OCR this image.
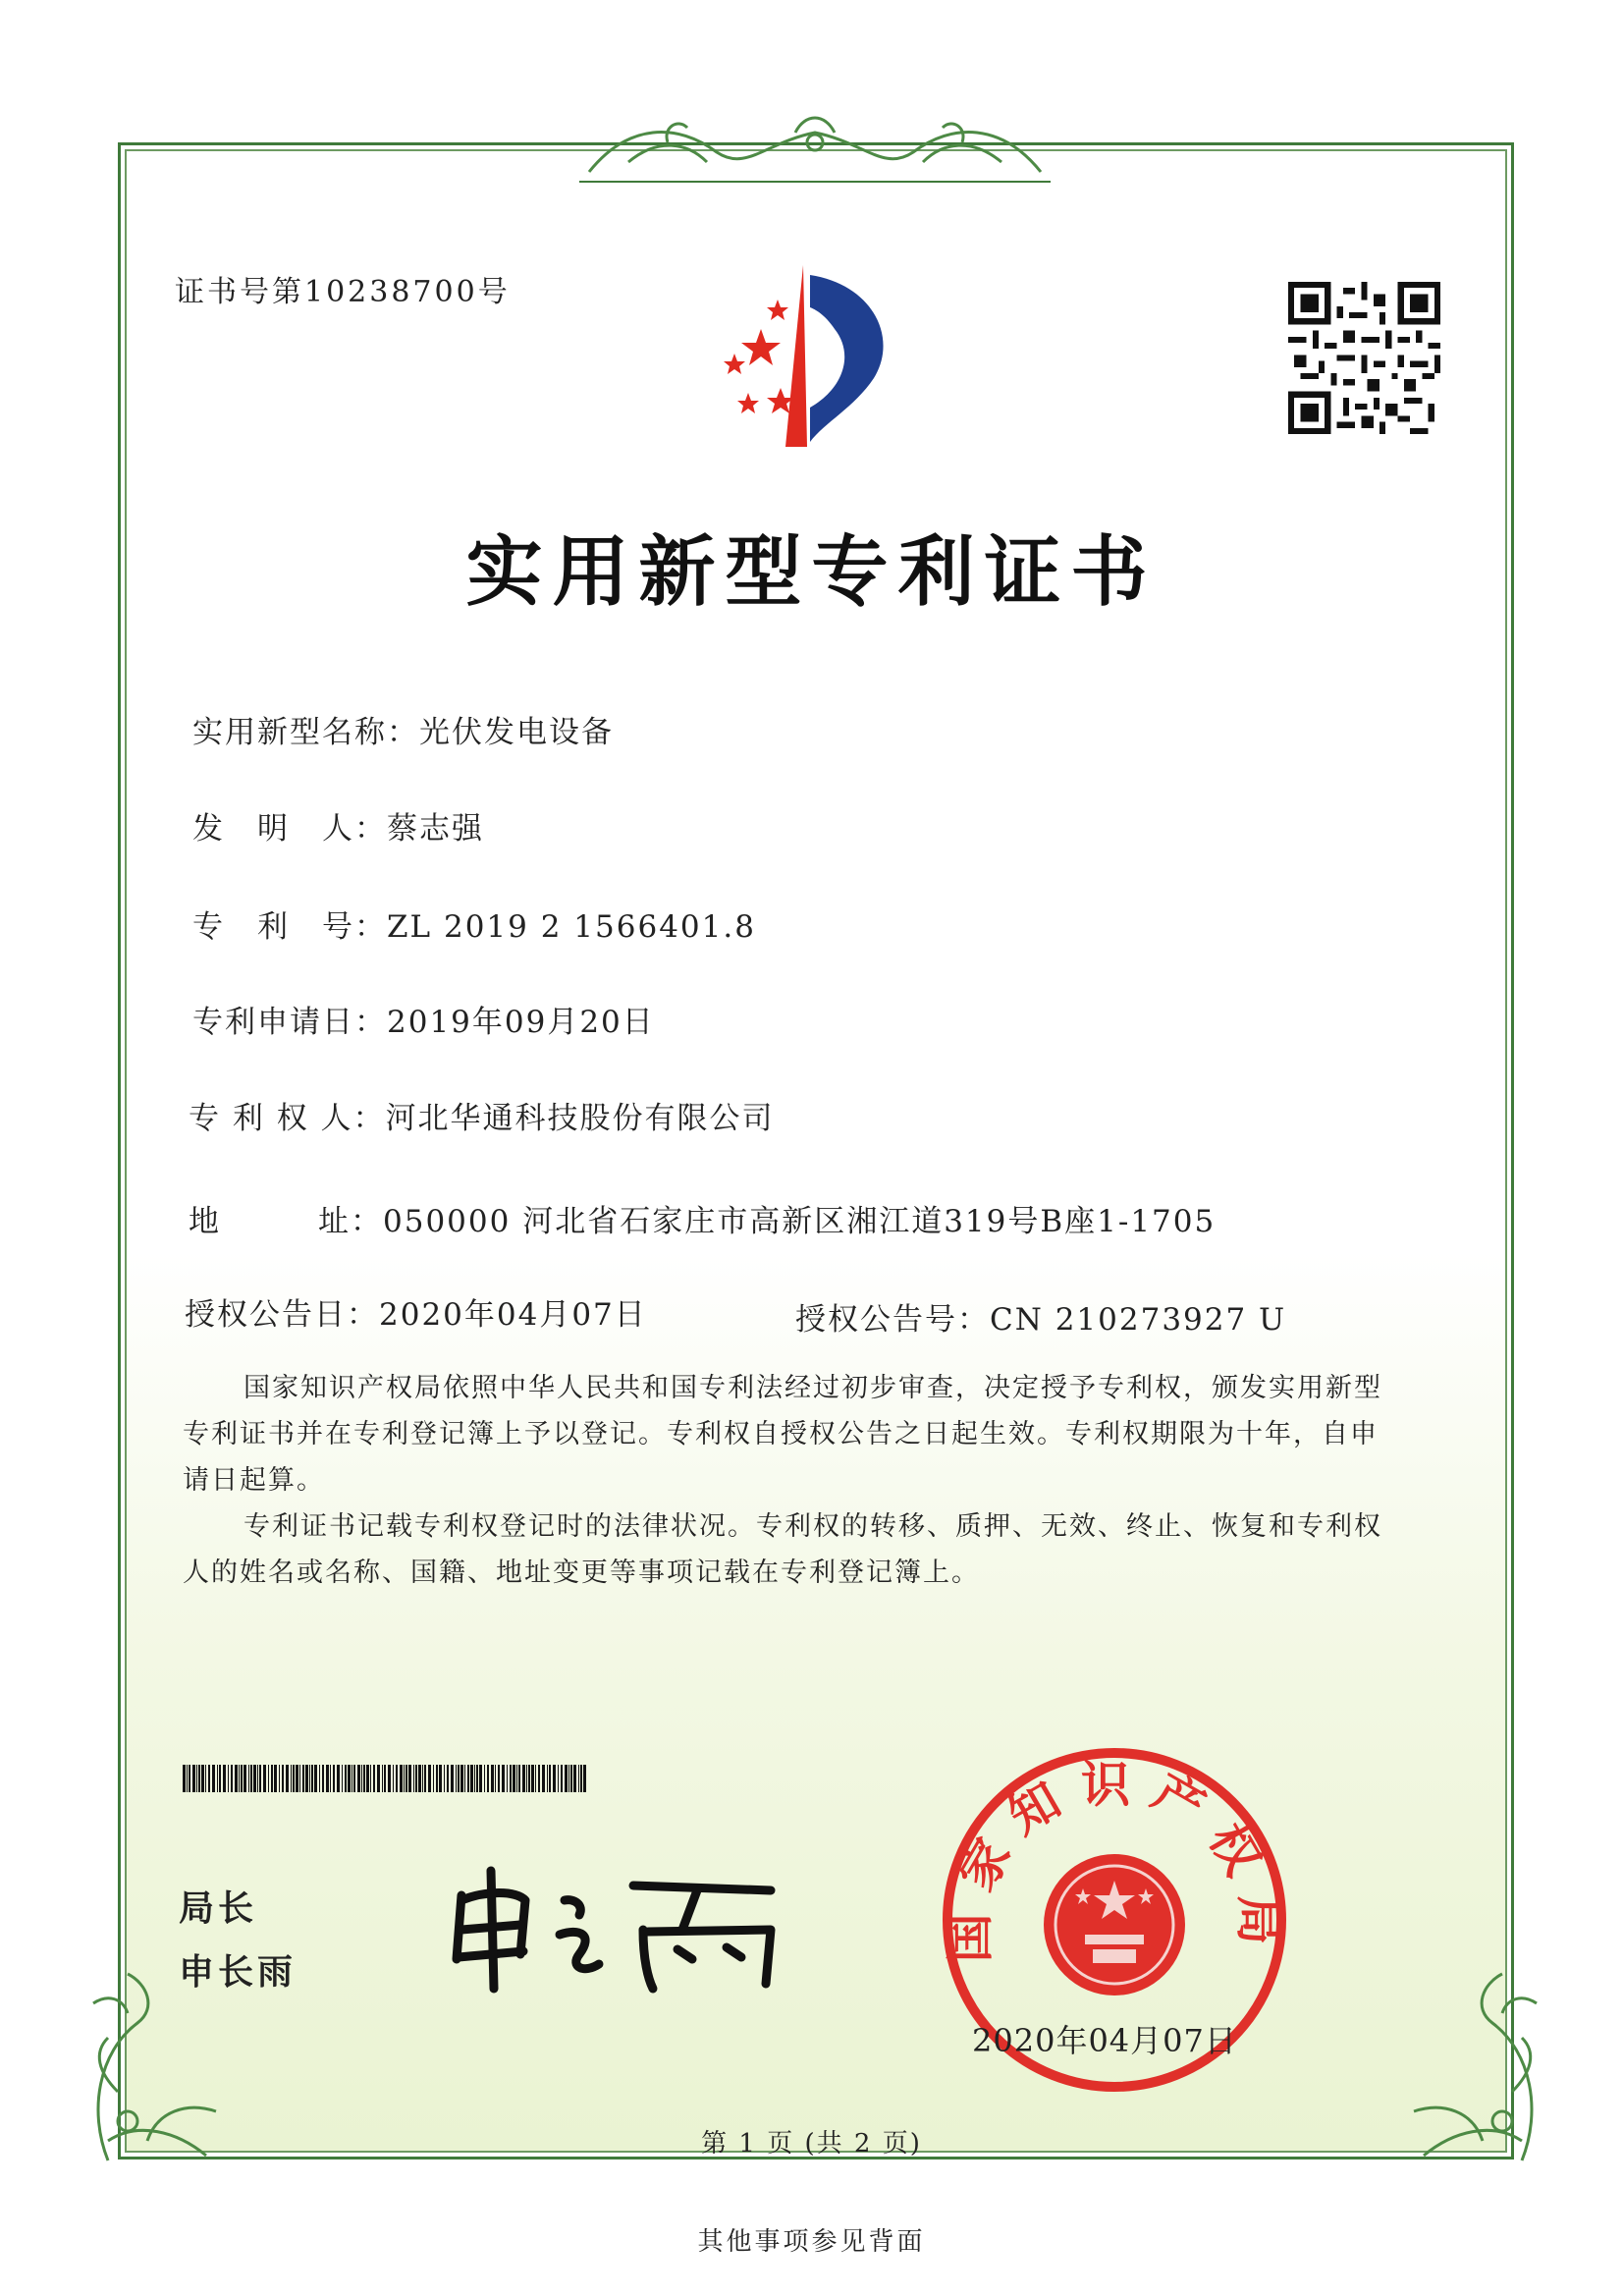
证书号第10238700号
实用新型专利证书
实用新型名称：光伏发电设备
发　明　人：蔡志强
专　利　号：ZL 2019 2 1566401.8
专利申请日：2019年09月20日
专 利 权 人：河北华通科技股份有限公司
地　　　址：050000 河北省石家庄市高新区湘江道319号B座1-1705
授权公告日：2020年04月07日	授权公告号：CN 210273927 U
国家知识产权局依照中华人民共和国专利法经过初步审查，决定授予专利权，颁发实用新型专利证书并在专利登记簿上予以登记。专利权自授权公告之日起生效。专利权期限为十年，自申请日起算。
专利证书记载专利权登记时的法律状况。专利权的转移、质押、无效、终止、恢复和专利权人的姓名或名称、国籍、地址变更等事项记载在专利登记簿上。
局长
申长雨
国家知识产权局
2020年04月07日
第 1 页 (共 2 页)
其他事项参见背面
